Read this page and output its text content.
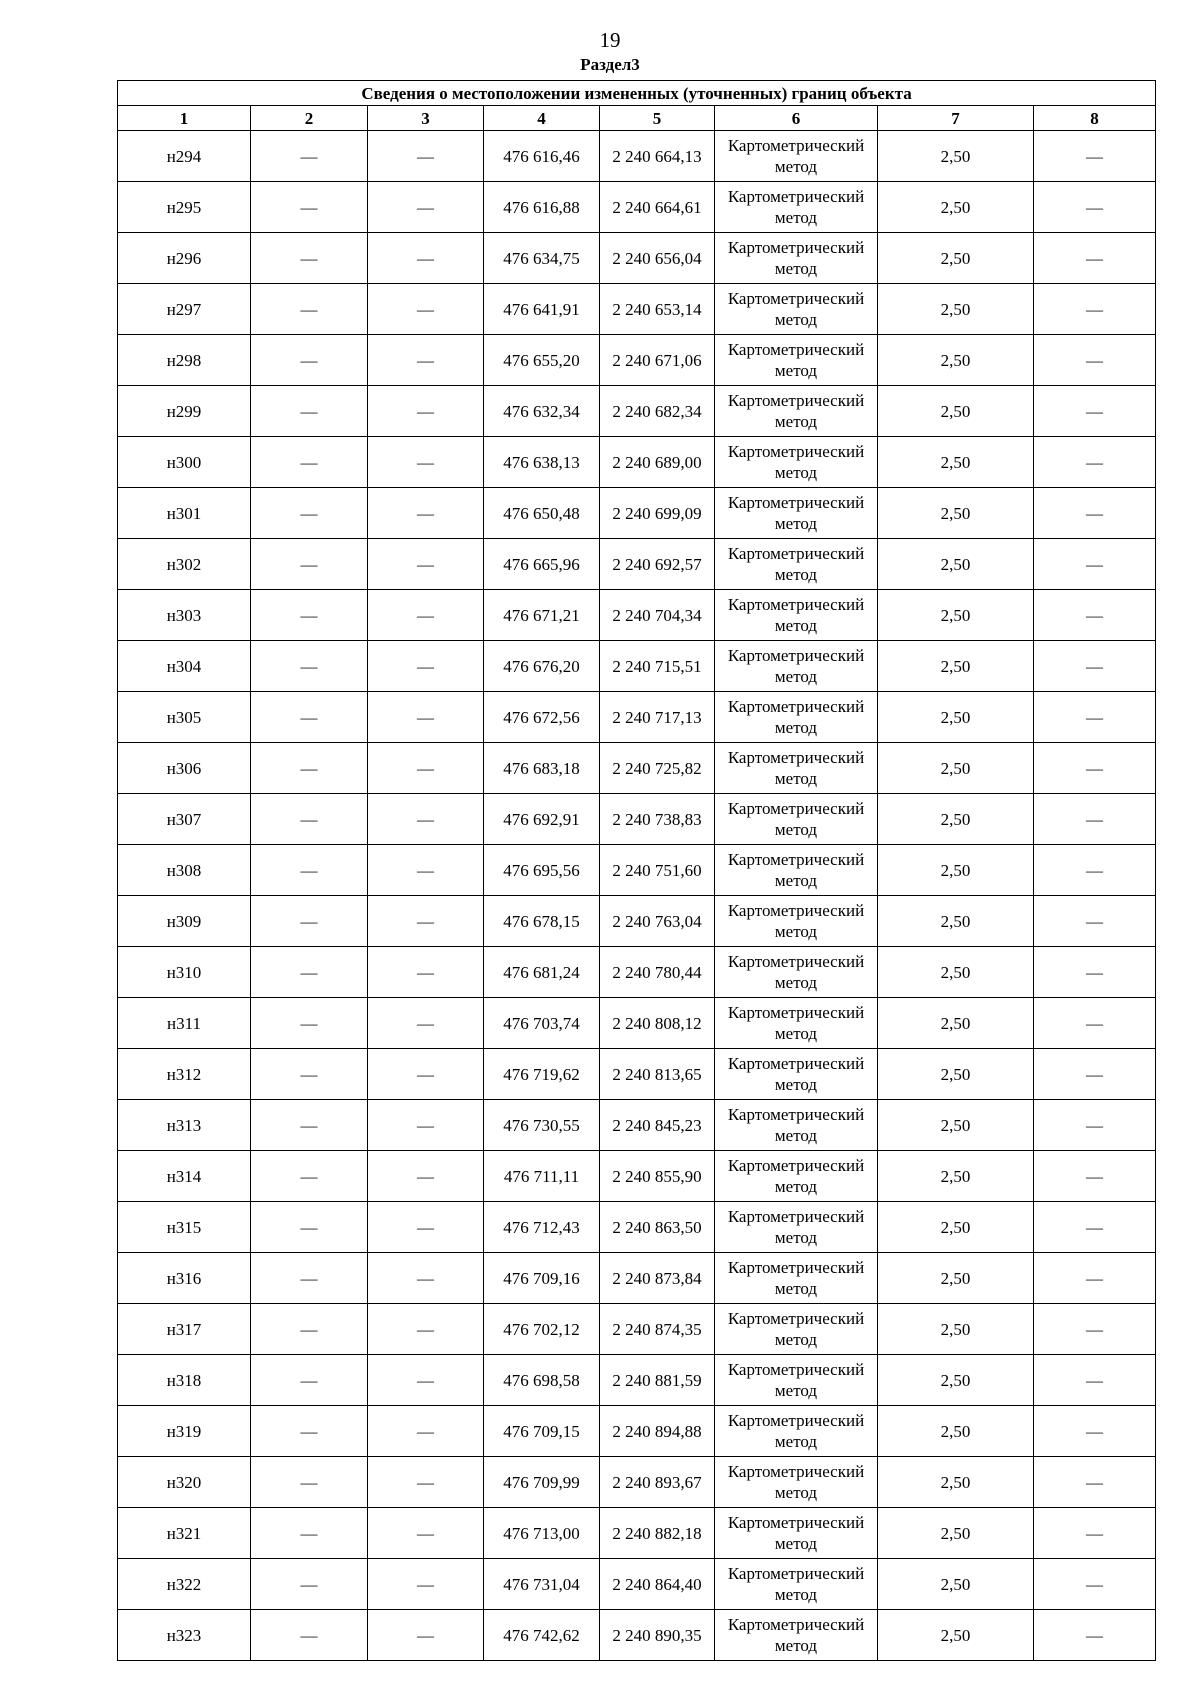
19
Раздел3
Сведения о местоположении измененных (уточненных) границ объекта							
1	2	3	4	5	6	7	8
н294	—	—	476 616,46	2 240 664,13	Картометрический метод	2,50	—
н295	—	—	476 616,88	2 240 664,61	Картометрический метод	2,50	—
н296	—	—	476 634,75	2 240 656,04	Картометрический метод	2,50	—
н297	—	—	476 641,91	2 240 653,14	Картометрический метод	2,50	—
н298	—	—	476 655,20	2 240 671,06	Картометрический метод	2,50	—
н299	—	—	476 632,34	2 240 682,34	Картометрический метод	2,50	—
н300	—	—	476 638,13	2 240 689,00	Картометрический метод	2,50	—
н301	—	—	476 650,48	2 240 699,09	Картометрический метод	2,50	—
н302	—	—	476 665,96	2 240 692,57	Картометрический метод	2,50	—
н303	—	—	476 671,21	2 240 704,34	Картометрический метод	2,50	—
н304	—	—	476 676,20	2 240 715,51	Картометрический метод	2,50	—
н305	—	—	476 672,56	2 240 717,13	Картометрический метод	2,50	—
н306	—	—	476 683,18	2 240 725,82	Картометрический метод	2,50	—
н307	—	—	476 692,91	2 240 738,83	Картометрический метод	2,50	—
н308	—	—	476 695,56	2 240 751,60	Картометрический метод	2,50	—
н309	—	—	476 678,15	2 240 763,04	Картометрический метод	2,50	—
н310	—	—	476 681,24	2 240 780,44	Картометрический метод	2,50	—
н311	—	—	476 703,74	2 240 808,12	Картометрический метод	2,50	—
н312	—	—	476 719,62	2 240 813,65	Картометрический метод	2,50	—
н313	—	—	476 730,55	2 240 845,23	Картометрический метод	2,50	—
н314	—	—	476 711,11	2 240 855,90	Картометрический метод	2,50	—
н315	—	—	476 712,43	2 240 863,50	Картометрический метод	2,50	—
н316	—	—	476 709,16	2 240 873,84	Картометрический метод	2,50	—
н317	—	—	476 702,12	2 240 874,35	Картометрический метод	2,50	—
н318	—	—	476 698,58	2 240 881,59	Картометрический метод	2,50	—
н319	—	—	476 709,15	2 240 894,88	Картометрический метод	2,50	—
н320	—	—	476 709,99	2 240 893,67	Картометрический метод	2,50	—
н321	—	—	476 713,00	2 240 882,18	Картометрический метод	2,50	—
н322	—	—	476 731,04	2 240 864,40	Картометрический метод	2,50	—
н323	—	—	476 742,62	2 240 890,35	Картометрический метод	2,50	—
